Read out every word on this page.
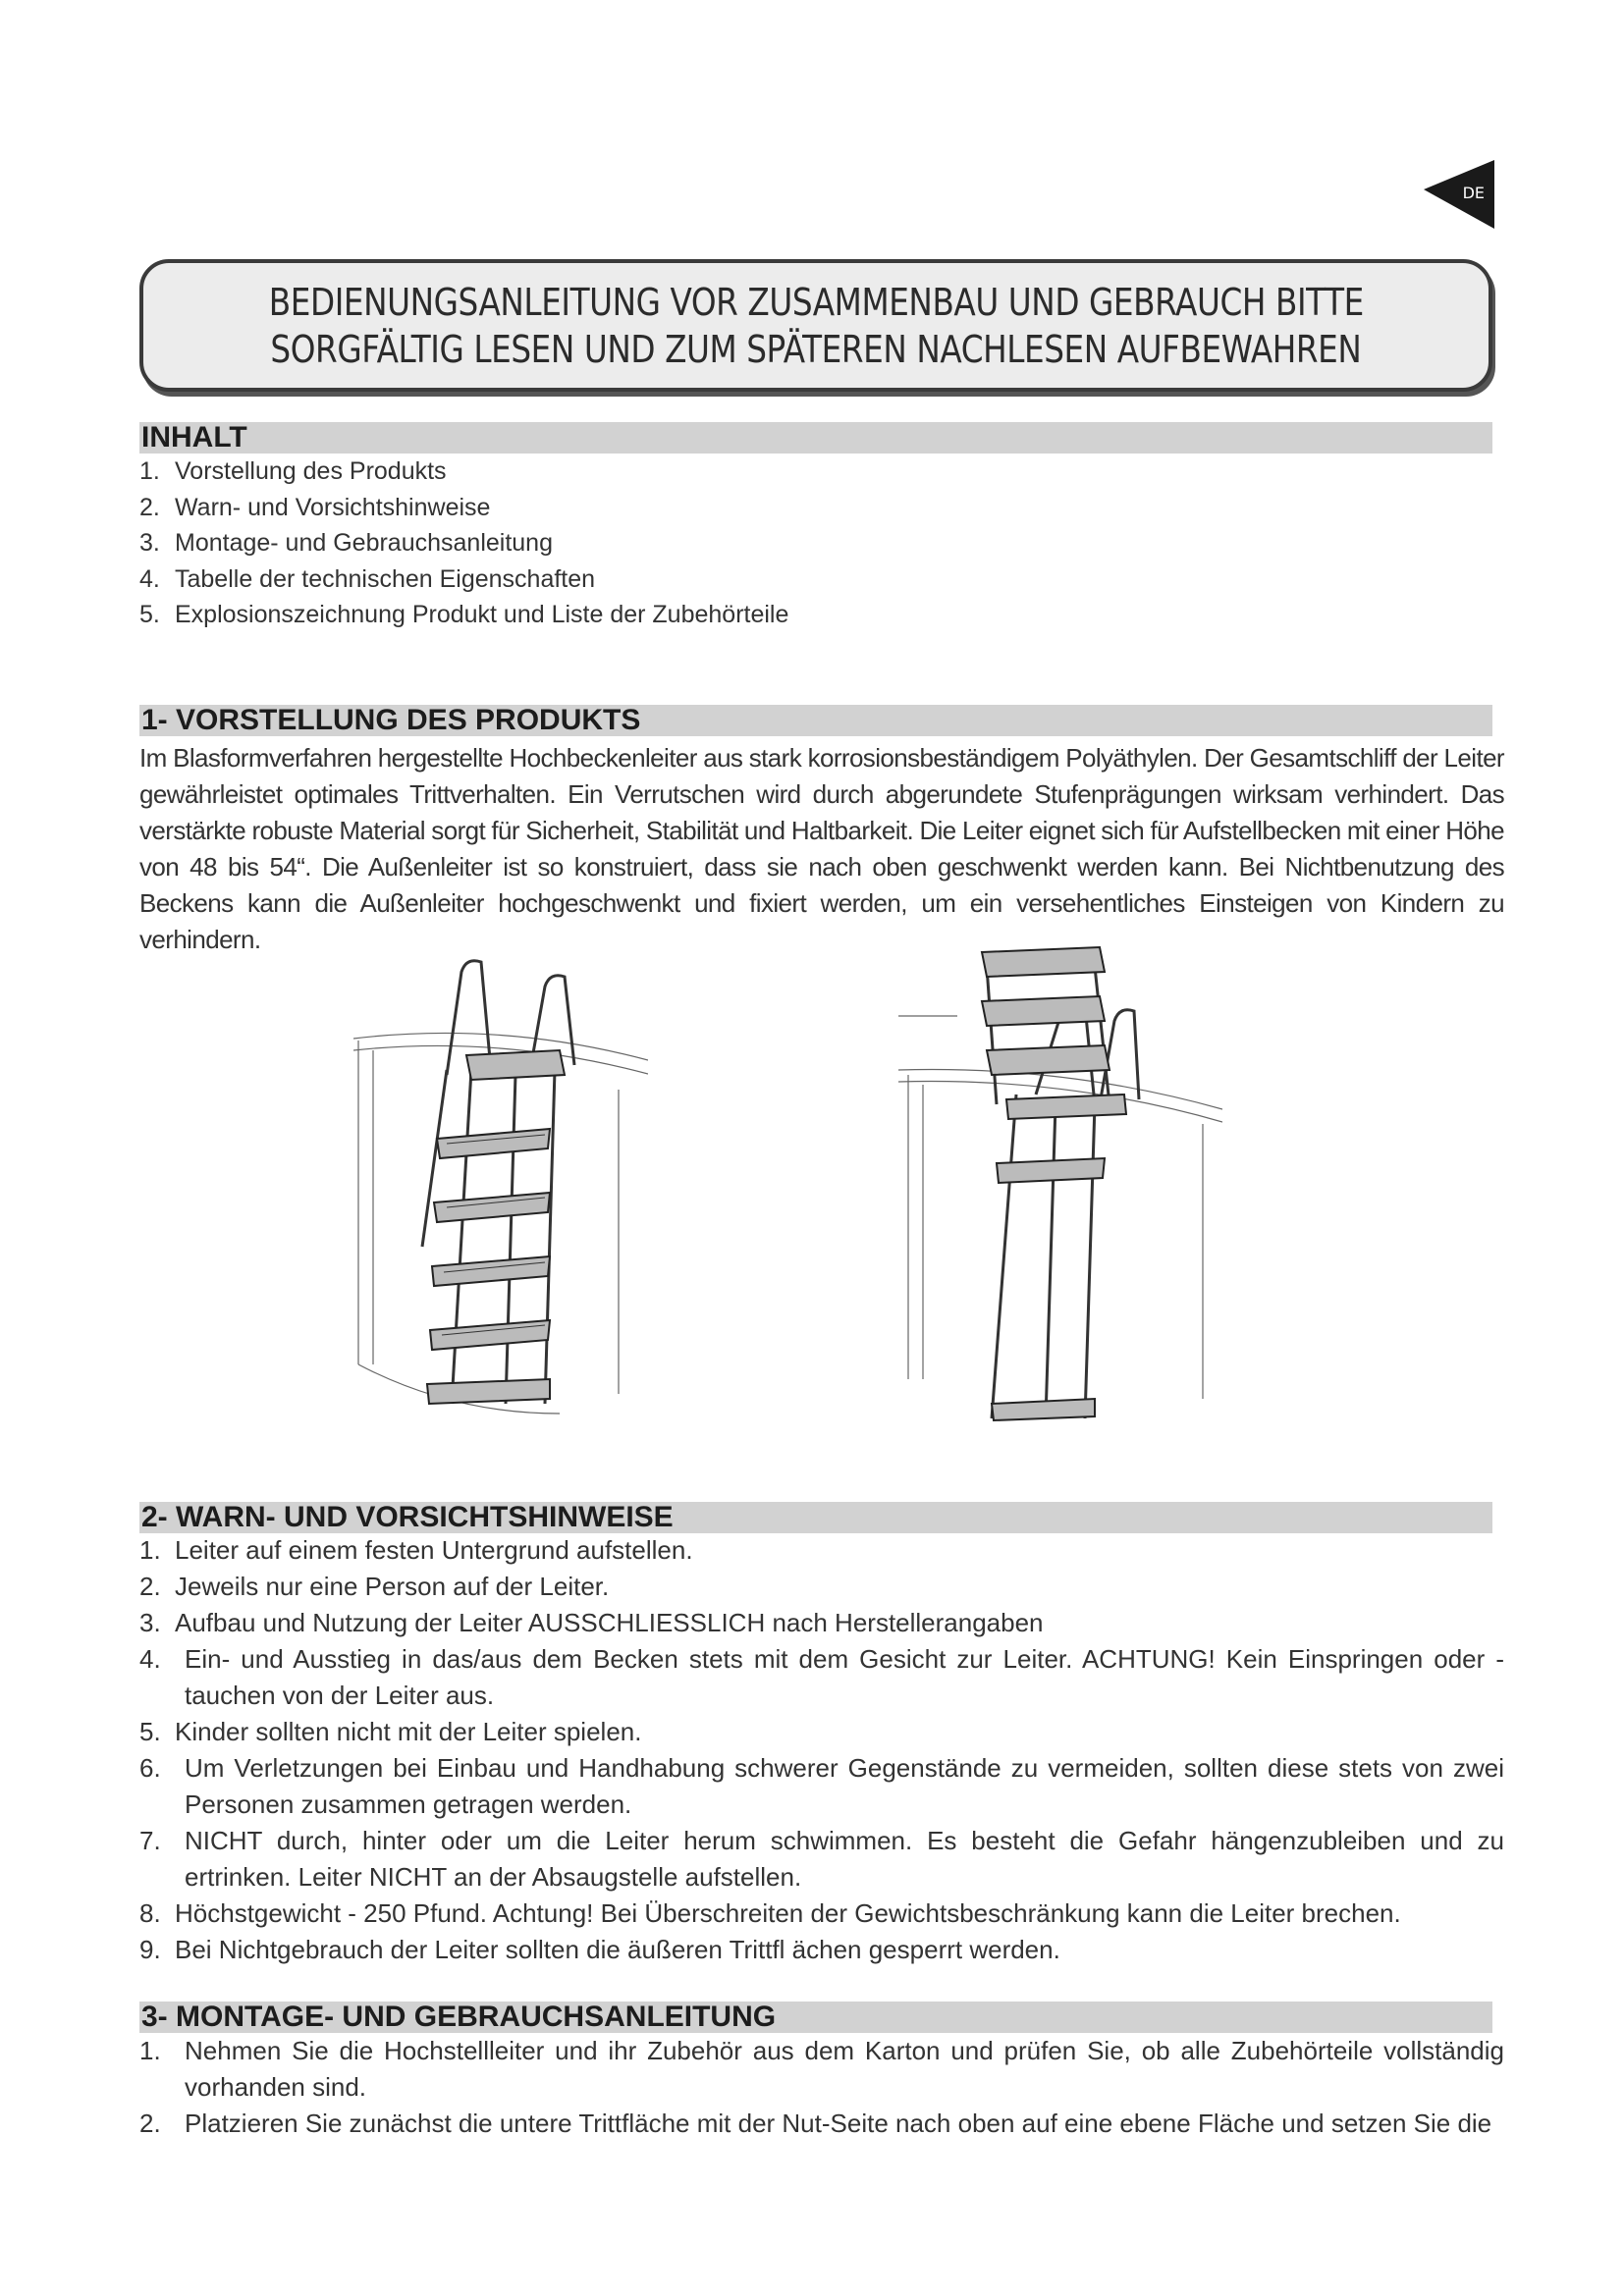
DE
BEDIENUNGSANLEITUNG VOR ZUSAMMENBAU UND GEBRAUCH BITTE
SORGFÄLTIG LESEN UND ZUM SPÄTEREN NACHLESEN AUFBEWAHREN
INHALT
1. Vorstellung des Produkts
2. Warn- und Vorsichtshinweise
3. Montage- und Gebrauchsanleitung
4. Tabelle der technischen Eigenschaften
5. Explosionszeichnung Produkt und Liste der Zubehörteile
1- VORSTELLUNG DES PRODUKTS

Im Blasformverfahren hergestellte Hochbeckenleiter aus stark korrosionsbeständigem Polyäthylen. Der Gesamtschliff der Leiter gewährleistet optimales Trittverhalten. Ein Verrutschen wird durch abgerundete Stufenprägungen wirksam verhindert. Das verstärkte robuste Material sorgt für Sicherheit, Stabilität und Haltbarkeit. Die Leiter eignet sich für Aufstellbecken mit einer Höhe von 48 bis 54“. Die Außenleiter ist so konstruiert, dass sie nach oben geschwenkt werden kann. Bei Nichtbenutzung des Beckens kann die Außenleiter hochgeschwenkt und fixiert werden, um ein versehentliches Einsteigen von Kindern zu verhindern.

2- WARN- UND VORSICHTSHINWEISE
1. Leiter auf einem festen Untergrund aufstellen.
2. Jeweils nur eine Person auf der Leiter.
3. Aufbau und Nutzung der Leiter AUSSCHLIESSLICH nach Herstellerangaben
4. Ein- und Ausstieg in das/aus dem Becken stets mit dem Gesicht zur Leiter. ACHTUNG! Kein Einspringen oder -tauchen von der Leiter aus.
5. Kinder sollten nicht mit der Leiter spielen.
6. Um Verletzungen bei Einbau und Handhabung schwerer Gegenstände zu vermeiden, sollten diese stets von zwei Personen zusammen getragen werden.
7. NICHT durch, hinter oder um die Leiter herum schwimmen. Es besteht die Gefahr hängenzubleiben und zu ertrinken. Leiter NICHT an der Absaugstelle aufstellen.
8. Höchstgewicht - 250 Pfund. Achtung! Bei Überschreiten der Gewichtsbeschränkung kann die Leiter brechen.
9. Bei Nichtgebrauch der Leiter sollten die äußeren Trittfl ächen gesperrt werden.
3- MONTAGE- UND GEBRAUCHSANLEITUNG
1. Nehmen Sie die Hochstellleiter und ihr Zubehör aus dem Karton und prüfen Sie, ob alle Zubehörteile vollständig vorhanden sind.
2. Platzieren Sie zunächst die untere Trittfläche mit der Nut-Seite nach oben auf eine ebene Fläche und setzen Sie die
